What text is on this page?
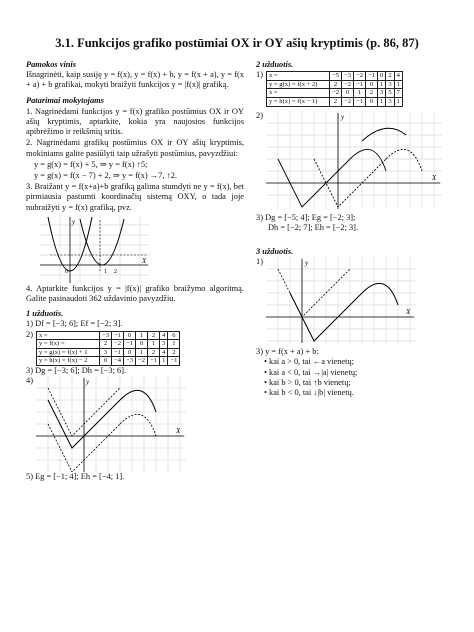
3.1. Funkcijos grafiko postūmiai OX ir OY ašių kryptimis (p. 86, 87)
Pamokos vinis
Išnagrinėti, kaip susiję y = f(x), y = f(x) + b, y = f(x + a), y = f(x + a) + b grafikai, mokyti braižyti funkcijos y = |f(x)| grafiką.
Patarimai mokytojams
1. Nagrinėdami funkcijos y = f(x) grafiko postūmius OX ir OY ašių kryptimis, aptarkite, kokia yra naujosios funkcijos apibrėžimo ir reikšmių sritis.
2. Nagrinėdami grafikų postūmius OX ir OY ašių kryptimis, mokiniams galite pasiūlyti taip užrašyti postūmius, pavyzdžiui:
y = g(x) = f(x) + 5, ⇒ y = f(x) ↑5;
y = g(x) = f(x − 7) + 2, ⇒ y = f(x) →7, ↑2.
3. Braižant y = f(x+a)+b grafiką galima stumdyti ne y = f(x), bet pirmiausia pastumti koordinačių sistemą OXY, o tada joje nubraižyti y = f(x) grafiką, pvz.
y
X
0	1 2
4. Aptarkite funkcijos y = |f(x)| grafiko braižymo algoritmą. Galite pasinaudoti 362 uždavinio pavyzdžiu.
1 užduotis.
1) Df = [−3; 6]; Ef = [−2; 3].
2) x =	−3	−1	0	1	2	4	6
y = f(x) =	2	−2	−1	0	1	3	1
y = g(x) = f(x) + 1	3	−1	0	1	2	4	2
y = h(x) = f(x) − 2	0	−4	−3	−2	−1	1	−1
3) Dg = [−3; 6]; Dh = [−3; 6].
4)	y
X
5) Eg = [−1; 4]; Eh = [−4; 1].
2 užduotis.
1) x =	−5	−3	−2	−1	0	2	4
y = g(x) = f(x + 2)	2	−2	−1	0	1	3	1
x =	−2	0	1	2	3	5	7
y = h(x) = f(x − 1)	2	−2	−1	0	1	3	1
2)	y
X
3) Dg = [−5; 4]; Eg = [−2; 3];
Dh = [−2; 7]; Eh = [−2; 3].
3 užduotis.
1)	y
X
3) y = f(x + a) + b:
• kai a > 0, tai ←a vienetų;
• kai a < 0, tai →|a| vienetų;
• kai b > 0, tai ↑b vienetų;
• kai b < 0, tai ↓|b| vienetų.
